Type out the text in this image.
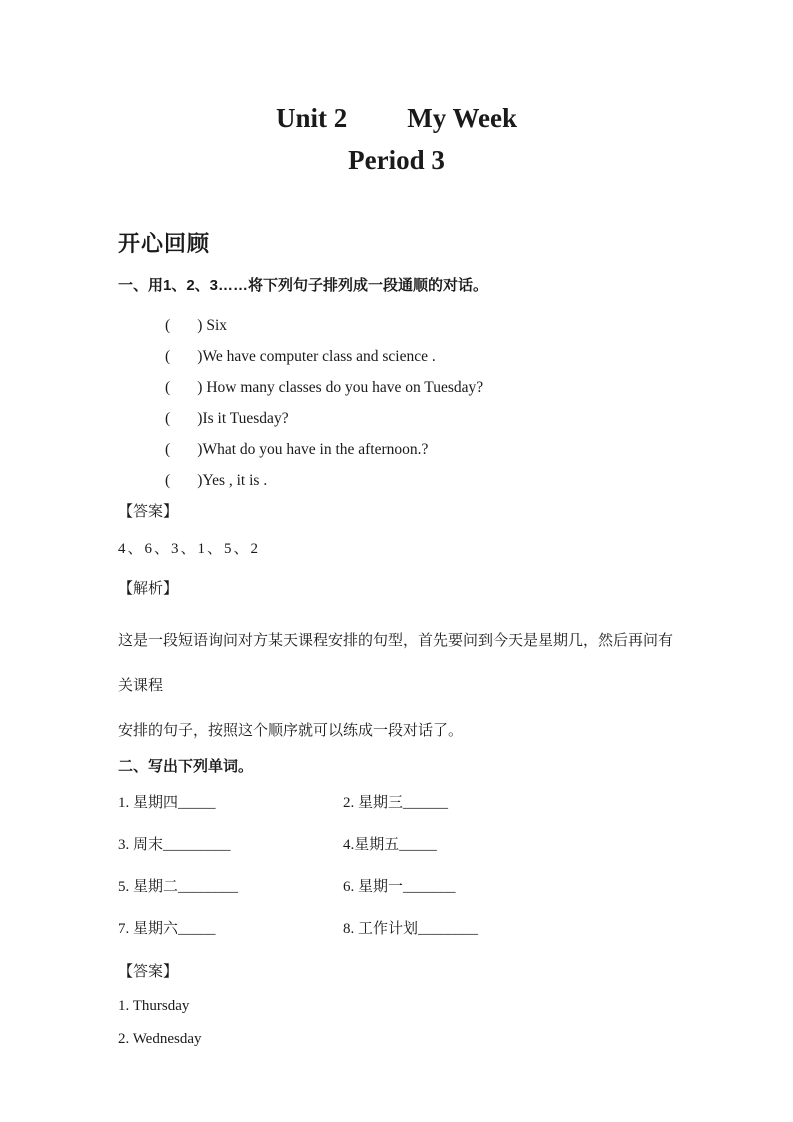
Unit 2 My Week
Period 3
开心回顾
一、用1、2、3……将下列句子排列成一段通顺的对话。
(       ) Six
(       )We have computer class and science .
(       ) How many classes do you have on Tuesday?
(       )Is it Tuesday?
(       )What do you have in the afternoon.?
(       )Yes , it is .
【答案】
4、6、3、1、5、2
【解析】
这是一段短语询问对方某天课程安排的句型，首先要问到今天是星期几，然后再问有关课程
安排的句子，按照这个顺序就可以练成一段对话了。
二、写出下列单词。
1. 星期四_____	2. 星期三______
3. 周末_________	4.星期五_____
5. 星期二________	6. 星期一_______
7. 星期六_____	8. 工作计划________
【答案】
1. Thursday
2. Wednesday
